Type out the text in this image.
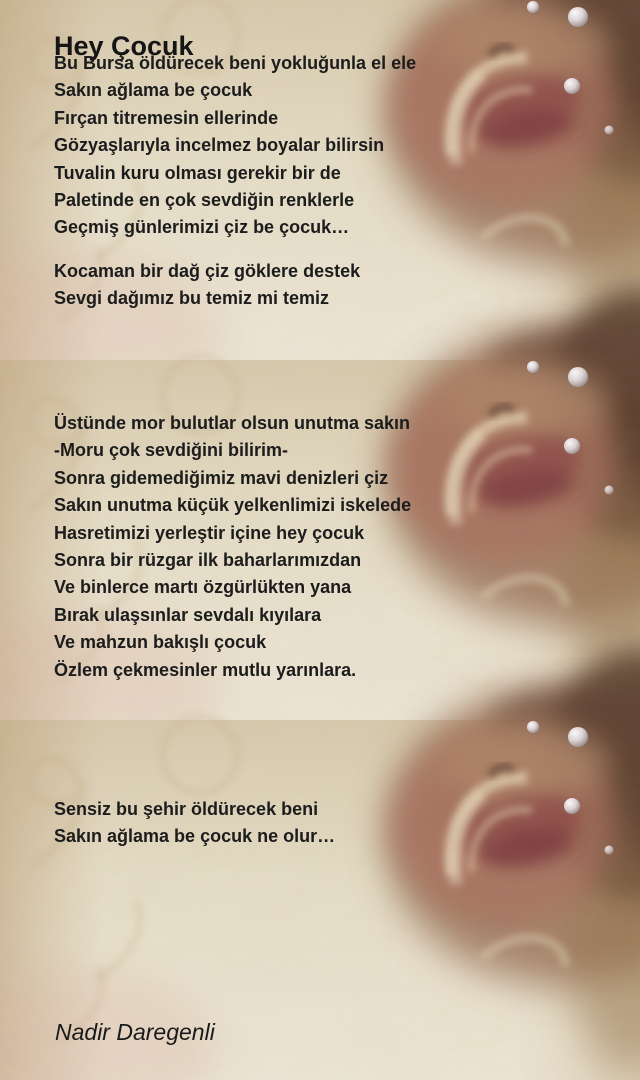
Hey Çocuk
Bu Bursa öldürecek beni yokluğunla el ele
Sakın ağlama be çocuk
Fırçan titremesin ellerinde
Gözyaşlarıyla incelmez boyalar bilirsin
Tuvalin kuru olması gerekir bir de
Paletinde en çok sevdiğin renklerle
Geçmiş günlerimizi çiz be çocuk…
Kocaman bir dağ çiz göklere destek
Sevgi dağımız bu temiz mi temiz
Üstünde mor bulutlar olsun unutma sakın
-Moru çok sevdiğini bilirim-
Sonra gidemediğimiz mavi denizleri çiz
Sakın unutma küçük yelkenlimizi iskelede
Hasretimizi yerleştir içine hey çocuk
Sonra bir rüzgar ilk baharlarımızdan
Ve binlerce martı özgürlükten yana
Bırak ulaşsınlar sevdalı kıyılara
Ve mahzun bakışlı çocuk
Özlem çekmesinler mutlu yarınlara.
Sensiz bu şehir öldürecek beni
Sakın ağlama be çocuk ne olur…
Nadir Daregenli
